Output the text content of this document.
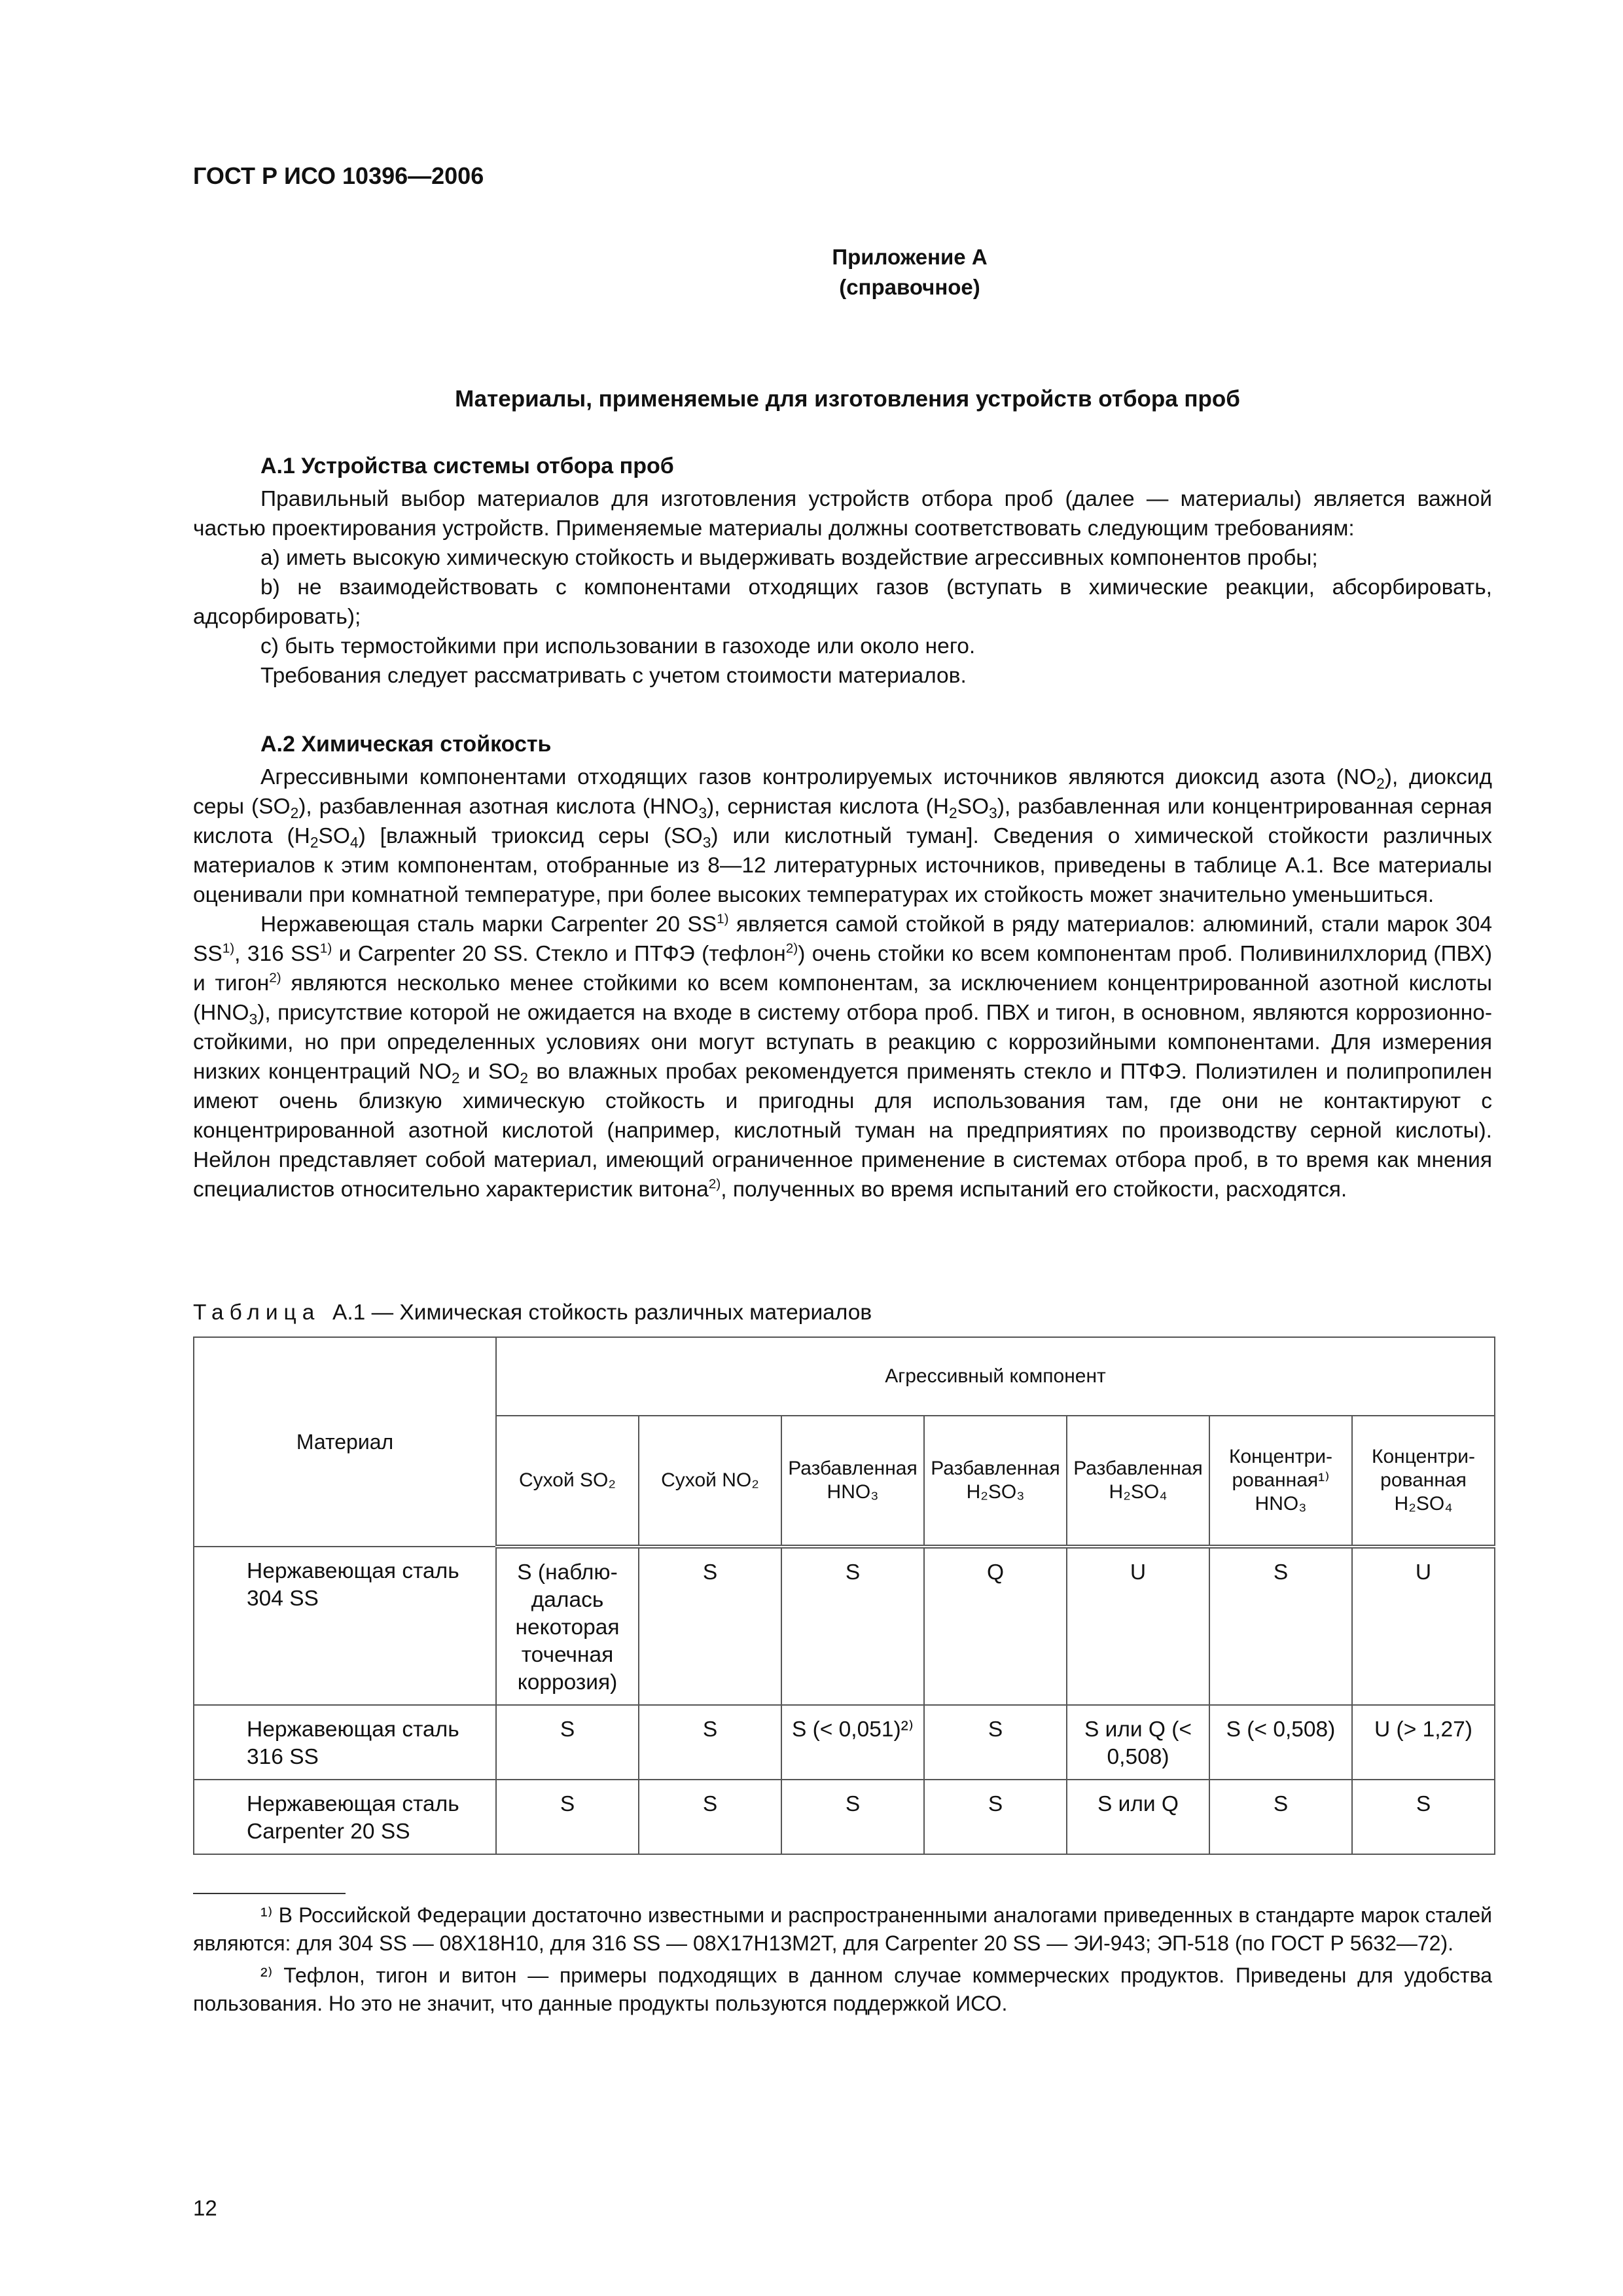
ГОСТ Р ИСО 10396—2006
Приложение А
(справочное)
Материалы, применяемые для изготовления устройств отбора проб
А.1 Устройства системы отбора проб

Правильный выбор материалов для изготовления устройств отбора проб (далее — материалы) является важной частью проектирования устройств. Применяемые материалы должны соответствовать следующим требованиям:

a) иметь высокую химическую стойкость и выдерживать воздействие агрессивных компонентов пробы;

b) не взаимодействовать с компонентами отходящих газов (вступать в химические реакции, абсорбировать, адсорбировать);

с) быть термостойкими при использовании в газоходе или около него.

Требования следует рассматривать с учетом стоимости материалов.

А.2 Химическая стойкость

Агрессивными компонентами отходящих газов контролируемых источников являются диоксид азота $(NO_2)$, диоксид серы $(SO_2)$, разбавленная азотная кислота $(HNO_3)$, сернистая кислота $(H_2SO_3)$, разбавленная или концентрированная серная кислота $(H_2SO_4)$ [влажный триоксид серы $(SO_3)$ или кислотный туман]. Сведения о химической стойкости различных материалов к этим компонентам, отобранные из 8—12 литературных источников, приведены в таблице А.1. Все материалы оценивали при комнатной температуре, при более высоких температурах их стойкость может значительно уменьшиться.

Нержавеющая сталь марки Carpenter 20 SS$^{1)}$ является самой стойкой в ряду материалов: алюминий, стали марок 304 SS$^{1)}$, 316 SS$^{1)}$ и Carpenter 20 SS. Стекло и ПТФЭ (тефлон$^{2)}$) очень стойки ко всем компонентам проб. Поливинилхлорид (ПВХ) и тигон$^{2)}$ являются несколько менее стойкими ко всем компонентам, за исключением концентрированной азотной кислоты $(HNO_3)$, присутствие которой не ожидается на входе в систему отбора проб. ПВХ и тигон, в основном, являются коррозионно-стойкими, но при определенных условиях они могут вступать в реакцию с коррозийными компонентами. Для измерения низких концентраций $NO_2$ и $SO_2$ во влажных пробах рекомендуется применять стекло и ПТФЭ. Полиэтилен и полипропилен имеют очень близкую химическую стойкость и пригодны для использования там, где они не контактируют с концентрированной азотной кислотой (например, кислотный туман на предприятиях по производству серной кислоты). Нейлон представляет собой материал, имеющий ограниченное применение в системах отбора проб, в то время как мнения специалистов относительно характеристик витона$^{2)}$, полученных во время испытаний его стойкости, расходятся.

Таблица А.1 — Химическая стойкость различных материалов
Материал	Агрессивный компонент						
	Сухой SO₂	Сухой NO₂	Разбавленная HNO₃	Разбавленная H₂SO₃	Разбавленная H₂SO₄	Концентрированная¹⁾ HNO₃	Концентрированная H₂SO₄
Нержавеющая сталь 304 SS	S (наблюдалась некоторая точечная коррозия)	S	S	Q	U	S	U
Нержавеющая сталь 316 SS	S	S	S (< 0,051)²⁾	S	S или Q (< 0,508)	S (< 0,508)	U (> 1,27)
Нержавеющая сталь Carpenter 20 SS	S	S	S	S	S или Q	S	S

¹⁾ В Российской Федерации достаточно известными и распространенными аналогами приведенных в стандарте марок сталей являются: для 304 SS — 08Х18Н10, для 316 SS — 08Х17Н13М2Т, для Carpenter 20 SS — ЭИ-943; ЭП-518 (по ГОСТ Р 5632—72).

²⁾ Тефлон, тигон и витон — примеры подходящих в данном случае коммерческих продуктов. Приведены для удобства пользования. Но это не значит, что данные продукты пользуются поддержкой ИСО.

12
